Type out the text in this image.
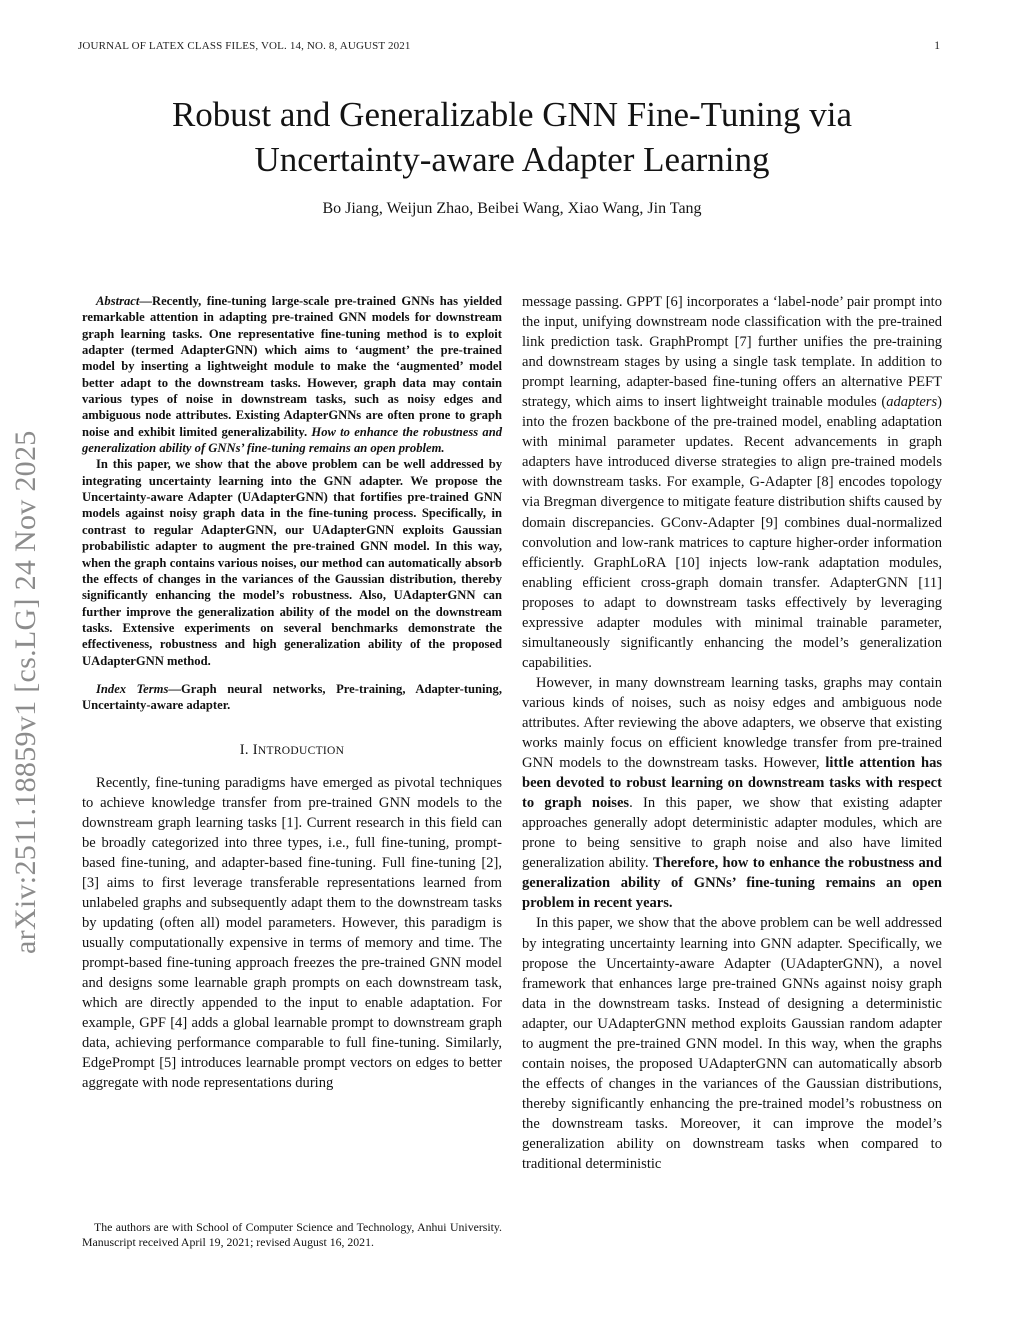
JOURNAL OF LATEX CLASS FILES, VOL. 14, NO. 8, AUGUST 2021	1
Robust and Generalizable GNN Fine-Tuning via
Uncertainty-aware Adapter Learning
Bo Jiang, Weijun Zhao, Beibei Wang, Xiao Wang, Jin Tang
arXiv:2511.18859v1 [cs.LG] 24 Nov 2025

Abstract—Recently, fine-tuning large-scale pre-trained GNNs has yielded remarkable attention in adapting pre-trained GNN models for downstream graph learning tasks. One representative fine-tuning method is to exploit adapter (termed AdapterGNN) which aims to ‘augment’ the pre-trained model by inserting a lightweight module to make the ‘augmented’ model better adapt to the downstream tasks. However, graph data may contain various types of noise in downstream tasks, such as noisy edges and ambiguous node attributes. Existing AdapterGNNs are often prone to graph noise and exhibit limited generalizability. How to enhance the robustness and generalization ability of GNNs’ fine-tuning remains an open problem.

In this paper, we show that the above problem can be well addressed by integrating uncertainty learning into the GNN adapter. We propose the Uncertainty-aware Adapter (UAdapterGNN) that fortifies pre-trained GNN models against noisy graph data in the fine-tuning process. Specifically, in contrast to regular AdapterGNN, our UAdapterGNN exploits Gaussian probabilistic adapter to augment the pre-trained GNN model. In this way, when the graph contains various noises, our method can automatically absorb the effects of changes in the variances of the Gaussian distribution, thereby significantly enhancing the model’s robustness. Also, UAdapterGNN can further improve the generalization ability of the model on the downstream tasks. Extensive experiments on several benchmarks demonstrate the effectiveness, robustness and high generalization ability of the proposed UAdapterGNN method.

Index Terms—Graph neural networks, Pre-training, Adapter-tuning, Uncertainty-aware adapter.

I. INTRODUCTION

Recently, fine-tuning paradigms have emerged as pivotal techniques to achieve knowledge transfer from pre-trained GNN models to the downstream graph learning tasks [1]. Current research in this field can be broadly categorized into three types, i.e., full fine-tuning, prompt-based fine-tuning, and adapter-based fine-tuning. Full fine-tuning [2], [3] aims to first leverage transferable representations learned from unlabeled graphs and subsequently adapt them to the downstream tasks by updating (often all) model parameters. However, this paradigm is usually computationally expensive in terms of memory and time. The prompt-based fine-tuning approach freezes the pre-trained GNN model and designs some learnable graph prompts on each downstream task, which are directly appended to the input to enable adaptation. For example, GPF [4] adds a global learnable prompt to downstream graph data, achieving performance comparable to full fine-tuning. Similarly, EdgePrompt [5] introduces learnable prompt vectors on edges to better aggregate with node representations during

The authors are with School of Computer Science and Technology, Anhui University. Manuscript received April 19, 2021; revised August 16, 2021.

message passing. GPPT [6] incorporates a ‘label-node’ pair prompt into the input, unifying downstream node classification with the pre-trained link prediction task. GraphPrompt [7] further unifies the pre-training and downstream stages by using a single task template. In addition to prompt learning, adapter-based fine-tuning offers an alternative PEFT strategy, which aims to insert lightweight trainable modules (adapters) into the frozen backbone of the pre-trained model, enabling adaptation with minimal parameter updates. Recent advancements in graph adapters have introduced diverse strategies to align pre-trained models with downstream tasks. For example, G-Adapter [8] encodes topology via Bregman divergence to mitigate feature distribution shifts caused by domain discrepancies. GConv-Adapter [9] combines dual-normalized convolution and low-rank matrices to capture higher-order information efficiently. GraphLoRA [10] injects low-rank adaptation modules, enabling efficient cross-graph domain transfer. AdapterGNN [11] proposes to adapt to downstream tasks effectively by leveraging expressive adapter modules with minimal trainable parameter, simultaneously significantly enhancing the model’s generalization capabilities.

However, in many downstream learning tasks, graphs may contain various kinds of noises, such as noisy edges and ambiguous node attributes. After reviewing the above adapters, we observe that existing works mainly focus on efficient knowledge transfer from pre-trained GNN models to the downstream tasks. However, little attention has been devoted to robust learning on downstream tasks with respect to graph noises. In this paper, we show that existing adapter approaches generally adopt deterministic adapter modules, which are prone to being sensitive to graph noise and also have limited generalization ability. Therefore, how to enhance the robustness and generalization ability of GNNs’ fine-tuning remains an open problem in recent years.

In this paper, we show that the above problem can be well addressed by integrating uncertainty learning into GNN adapter. Specifically, we propose the Uncertainty-aware Adapter (UAdapterGNN), a novel framework that enhances large pre-trained GNNs against noisy graph data in the downstream tasks. Instead of designing a deterministic adapter, our UAdapterGNN method exploits Gaussian random adapter to augment the pre-trained GNN model. In this way, when the graphs contain noises, the proposed UAdapterGNN can automatically absorb the effects of changes in the variances of the Gaussian distributions, thereby significantly enhancing the pre-trained model’s robustness on the downstream tasks. Moreover, it can improve the model’s generalization ability on downstream tasks when compared to traditional deterministic
